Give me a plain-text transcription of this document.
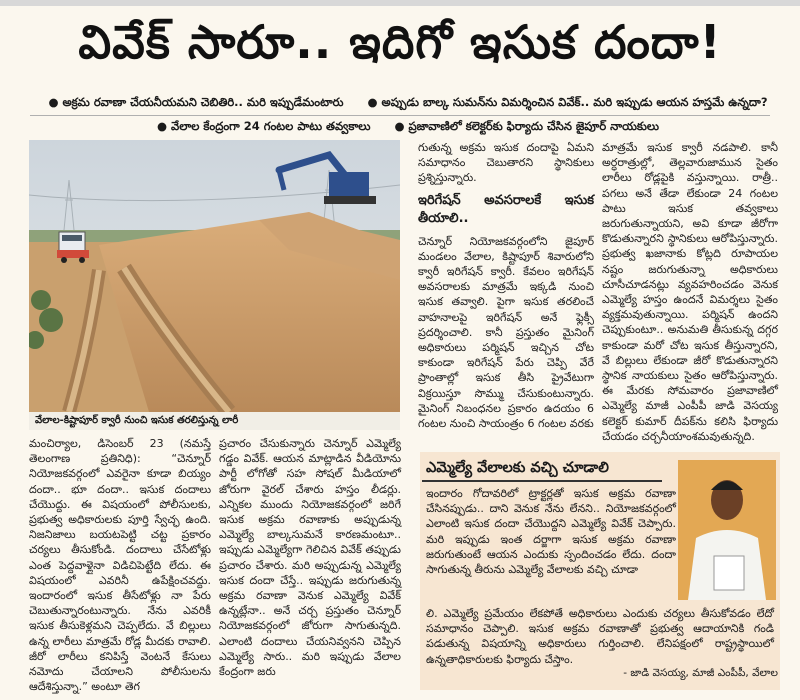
వివేక్‌ సారూ.. ఇదిగో ఇసుక దందా!
● అక్రమ రవాణా చేయనీయమని చెబితిరి.. మరి ఇప్పుడేమంటారు	● అప్పుడు బాల్క సుమన్‌ను విమర్శించిన వివేక్‌.. మరి ఇప్పుడు ఆయన హస్తమే ఉన్నదా?
● వేలాల కేంద్రంగా 24 గంటల పాటు తవ్వకాలు	● ప్రజావాణిలో కలెక్టర్‌కు ఫిర్యాదు చేసిన జైపూర్‌ నాయకులు
వేలాల-కిష్టాపూర్‌ క్వారీ నుంచి ఇసుక తరలిస్తున్న లారీ

మంచిర్యాల, డిసెంబర్‌ 23 (నమస్తే తెలంగాణ ప్రతినిధి): “చెన్నూర్‌ నియోజకవర్గంలో ఎవరైనా కూడా బియ్యం దందా.. భూ దందా.. ఇసుక దందాలు చేయొద్దు. ఈ విషయంలో పోలీసులకు, ప్రభుత్వ అధికారులకు పూర్తి స్వేచ్ఛ ఉంది. నిజనిజాలు బయటపెట్టి చట్ట ప్రకారం చర్యలు తీసుకోండి. దందాలు చేసేటోళ్లు ఎంత పెద్దవాళ్లైనా విడిచిపెట్టేది లేదు. ఈ విషయంలో ఎవరినీ ఉపేక్షించవద్దు. ఇందారంలో ఇసుక తీసేటోళ్లు నా పేరు చెబుతున్నారంటున్నారు. నేను ఎవరికీ ఇసుక తీసుకెళ్లమని చెప్పలేదు. వే బిల్లులు ఉన్న లారీలు మాత్రమే రోడ్ల మీదకు రావాలి. జీరో లారీలు కనిపిస్తే వెంటనే కేసులు నమోదు చేయాలని పోలీసులను ఆదేశిస్తున్నా.” అంటూ తెగ

ప్రచారం చేసుకున్నారు చెన్నూర్‌ ఎమ్మెల్యే గడ్డం వివేక్‌. ఆయన మాట్లాడిన వీడియోను పార్టీ లోగోతో సహ సోషల్‌ మీడియాలో జోరుగా వైరల్‌ చేశారు హస్తం లీడర్లు. ఎన్నికల ముందు నియోజకవర్గంలో జరిగే ఇసుక అక్రమ రవాణాకు అప్పుడున్న ఎమ్మెల్యే బాల్కసుమనే కారణమంటూ.. ఇప్పుడు ఎమ్మెల్యేగా గెలిచిన వివేక్‌ తప్పుడు ప్రచారం చేశారు. మరి అప్పుడున్న ఎమ్మెల్యే ఇసుక దందా చేస్తే.. ఇప్పుడు జరుగుతున్న అక్రమ రవాణా వెనుక ఎమ్మెల్యే వివేక్‌ ఉన్నట్లేనా.. అనే చర్చ ప్రస్తుతం చెన్నూర్‌ నియోజకవర్గంలో జోరుగా సాగుతున్నది. ఎలాంటి దందాలు చేయనివ్వనని చెప్పిన ఎమ్మెల్యే సారు.. మరి ఇప్పుడు వేలాల కేంద్రంగా జరు

గుతున్న అక్రమ ఇసుక దందాపై ఏమని సమాధానం చెబుతారని స్థానికులు ప్రశ్నిస్తున్నారు.

ఇరిగేషన్‌ అవసరాలకే ఇసుక తీయాలి..

చెన్నూర్‌ నియోజకవర్గంలోని జైపూర్‌ మండలం వేలాల, కిష్టాపూర్‌ శివారులోని క్వారీ ఇరిగేషన్‌ క్వారీ. కేవలం ఇరిగేషన్‌ అవసరాలకు మాత్రమే ఇక్కడి నుంచి ఇసుక తవ్వాలి. పైగా ఇసుక తరలించే వాహనాలపై ఇరిగేషన్‌ అనే ఫ్లెక్సీ ప్రదర్శించాలి. కానీ ప్రస్తుతం మైనింగ్‌ అధికారులు పర్మిషన్‌ ఇచ్చిన చోట కాకుండా ఇరిగేషన్‌ పేరు చెప్పి వేరే ప్రాంతాల్లో ఇసుక తీసి ప్రైవేటుగా విక్రయిస్తూ సొమ్ము చేసుకుంటున్నారు. మైనింగ్‌ నిబంధనల ప్రకారం ఉదయం 6 గంటల నుంచి సాయంత్రం 6 గంటల వరకు

మాత్రమే ఇసుక క్వారీ నడపాలి. కానీ అర్ధరాత్రుల్లో, తెల్లవారుజామున సైతం లారీలు రోడ్లపైకి వస్తున్నాయి. రాత్రీ.. పగలు అనే తేడా లేకుండా 24 గంటల పాటు ఇసుక తవ్వకాలు జరుగుతున్నాయని, అవి కూడా జీరోగా కొడుతున్నారని స్థానికులు ఆరోపిస్తున్నారు. ప్రభుత్వ ఖజానాకు కోట్లది రూపాయల నష్టం జరుగుతున్నా అధికారులు చూసీచూడనట్లు వ్యవహరించడం వెనుక ఎమ్మెల్యే హస్తం ఉందనే విమర్శలు సైతం వ్యక్తమవుతున్నాయి. పర్మిషన్‌ ఉందని చెప్పుకుంటూ.. అనుమతి తీసుకున్న దగ్గర కాకుండా మరో చోట ఇసుక తీస్తున్నారని, వే బిల్లులు లేకుండా జీరో కొడుతున్నారని స్థానిక నాయకులు సైతం ఆరోపిస్తున్నారు. ఈ మేరకు సోమవారం ప్రజావాణిలో ఎమ్మెల్యే మాజీ ఎంపీపీ జాడి వెసయ్య కలెక్టర్‌ కుమార్‌ దీపక్‌ను కలిసి ఫిర్యాదు చేయడం చర్చనీయాంశమవుతున్నది.

ఎమ్మెల్యే వేలాలకు వచ్చి చూడాలి
ఇందారం గోదావరిలో ట్రాక్టర్లతో ఇసుక అక్రమ రవాణా చేసినప్పుడు.. దాని వెనుక నేను లేనని.. నియోజకవర్గంలో ఎలాంటి ఇసుక దందా చేయొద్దని ఎమ్మెల్యే వివేక్‌ చెప్పారు. మరి ఇప్పుడు ఇంత దర్జాగా ఇసుక అక్రమ రవాణా జరుగుతుంటే ఆయన ఎందుకు స్పందించడం లేదు. దందా సాగుతున్న తీరును ఎమ్మెల్యే వేలాలకు వచ్చి చూడా
లి. ఎమ్మెల్యే ప్రమేయం లేకపోతే అధికారులు ఎందుకు చర్యలు తీసుకోవడం లేదో సమాధానం చెప్పాలి. ఇసుక అక్రమ రవాణాతో ప్రభుత్వ ఆదాయానికి గండి పడుతున్న విషయాన్ని అధికారులు గుర్తించాలి. లేనిపక్షంలో రాష్ట్రస్థాయిలో ఉన్నతాధికారులకు ఫిర్యాదు చేస్తాం.
- జాడి వెసయ్య, మాజీ ఎంపీపీ, వేలాల
